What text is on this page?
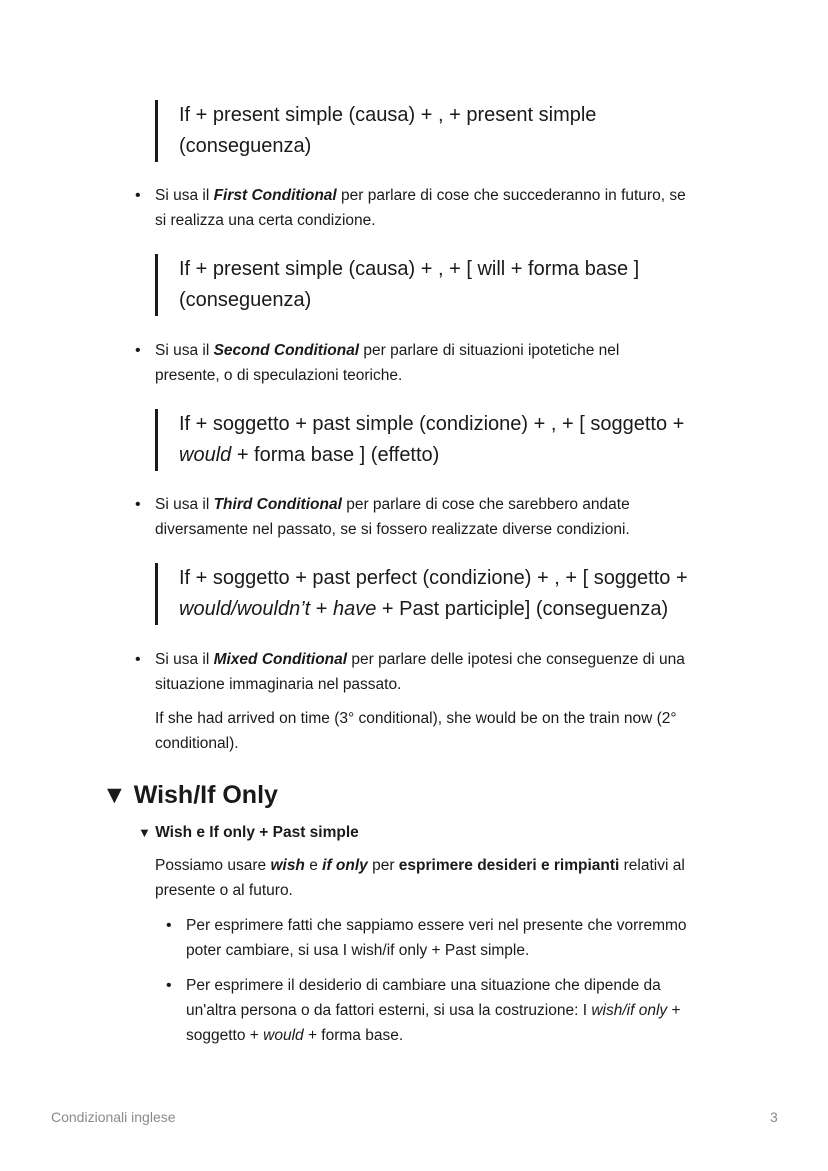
If + present simple (causa) + , + present simple

(conseguenza)

• Si usa il First Conditional per parlare di cose che succederanno in futuro, se

si realizza una certa condizione.

If + present simple (causa) + , + [ will + forma base ]

(conseguenza)

• Si usa il Second Conditional per parlare di situazioni ipotetiche nel

presente, o di speculazioni teoriche.

If + soggetto + past simple (condizione) + , + [ soggetto +

would + forma base ] (effetto)

• Si usa il Third Conditional per parlare di cose che sarebbero andate

diversamente nel passato, se si fossero realizzate diverse condizioni.

If + soggetto + past perfect (condizione) + , + [ soggetto +

would/wouldn’t + have + Past participle] (conseguenza)

• Si usa il Mixed Conditional per parlare delle ipotesi che conseguenze di una

situazione immaginaria nel passato.

If she had arrived on time (3° conditional), she would be on the train now (2°

conditional).

▼ Wish/If Only
▼ Wish e If only + Past simple

Possiamo usare wish e if only per esprimere desideri e rimpianti relativi al

presente o al futuro.

• Per esprimere fatti che sappiamo essere veri nel presente che vorremmo

poter cambiare, si usa I wish/if only + Past simple.

• Per esprimere il desiderio di cambiare una situazione che dipende da

un'altra persona o da fattori esterni, si usa la costruzione: I wish/if only +

soggetto + would + forma base.

Condizionali inglese	3
